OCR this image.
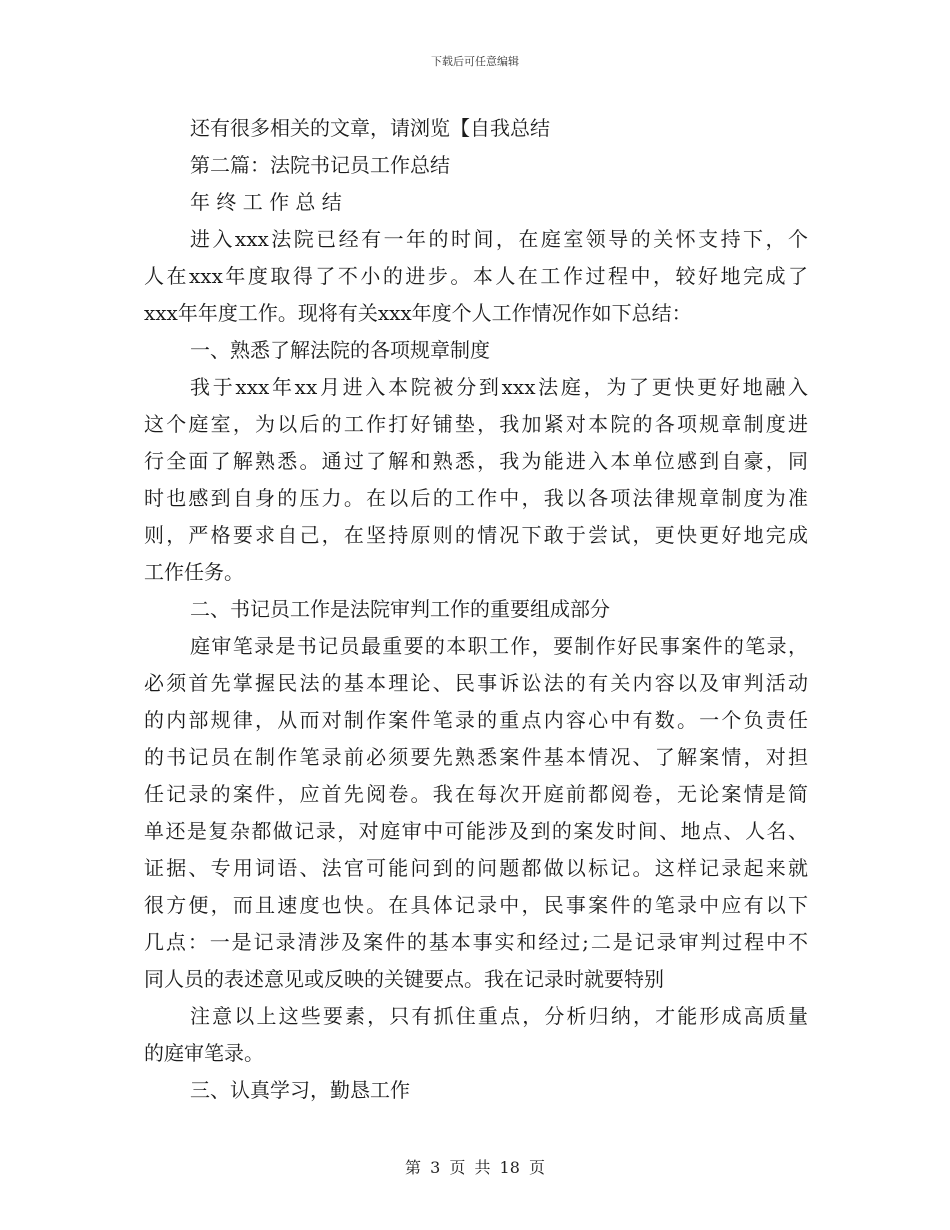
下载后可任意编辑
还有很多相关的文章，请浏览【自我总结
第二篇：法院书记员工作总结
年 终 工 作 总 结
进入xxx法院已经有一年的时间，在庭室领导的关怀支持下，个
人在xxx年度取得了不小的进步。本人在工作过程中，较好地完成了
xxx年年度工作。现将有关xxx年度个人工作情况作如下总结：
一、熟悉了解法院的各项规章制度
我于xxx年xx月进入本院被分到xxx法庭，为了更快更好地融入
这个庭室，为以后的工作打好铺垫，我加紧对本院的各项规章制度进
行全面了解熟悉。通过了解和熟悉，我为能进入本单位感到自豪，同
时也感到自身的压力。在以后的工作中，我以各项法律规章制度为准
则，严格要求自己，在坚持原则的情况下敢于尝试，更快更好地完成
工作任务。
二、书记员工作是法院审判工作的重要组成部分
庭审笔录是书记员最重要的本职工作，要制作好民事案件的笔录，
必须首先掌握民法的基本理论、民事诉讼法的有关内容以及审判活动
的内部规律，从而对制作案件笔录的重点内容心中有数。一个负责任
的书记员在制作笔录前必须要先熟悉案件基本情况、了解案情，对担
任记录的案件，应首先阅卷。我在每次开庭前都阅卷，无论案情是简
单还是复杂都做记录，对庭审中可能涉及到的案发时间、地点、人名、
证据、专用词语、法官可能问到的问题都做以标记。这样记录起来就
很方便，而且速度也快。在具体记录中，民事案件的笔录中应有以下
几点：一是记录清涉及案件的基本事实和经过;二是记录审判过程中不
同人员的表述意见或反映的关键要点。我在记录时就要特别
注意以上这些要素，只有抓住重点，分析归纳，才能形成高质量
的庭审笔录。
三、认真学习，勤恳工作
第 3 页 共 18 页
